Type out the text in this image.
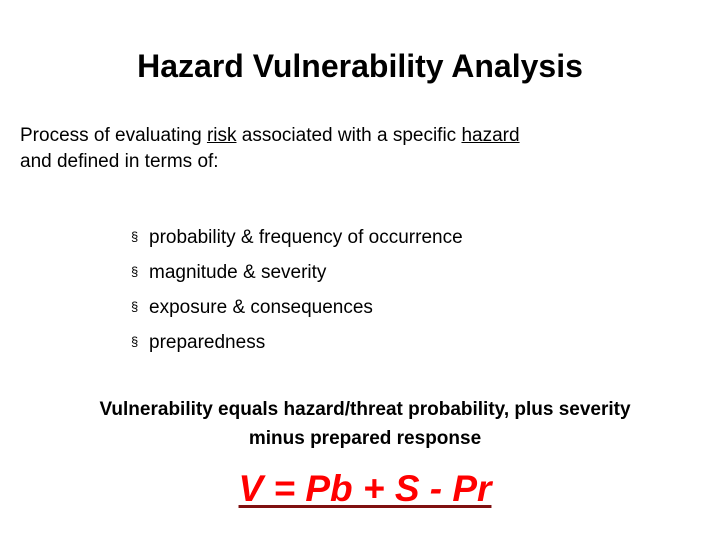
Hazard Vulnerability Analysis
Process of evaluating risk associated with a specific hazard
and defined in terms of:
§ probability & frequency of occurrence
§ magnitude & severity
§ exposure & consequences
§ preparedness
Vulnerability equals hazard/threat probability, plus severity
minus prepared response
V = Pb + S - Pr
